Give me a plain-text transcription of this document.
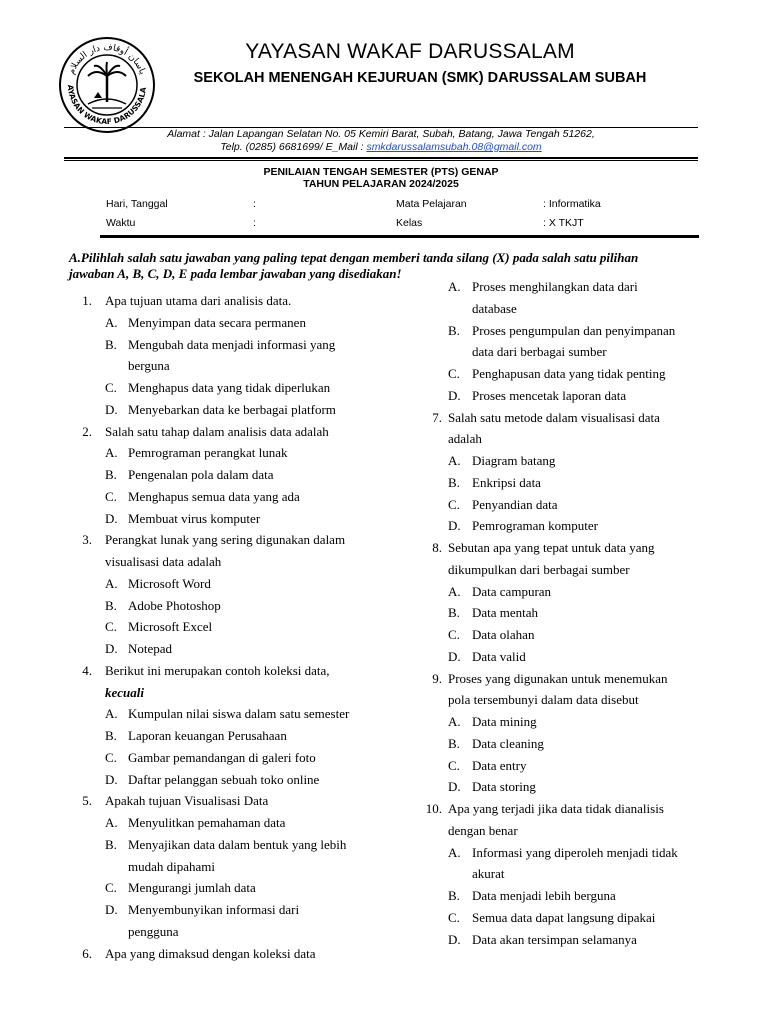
AYASAN WAKAF DARUSSALA
ﻳﺎﺳﺎﻥ ﺃﻭﻗﺎﻑ ﺩﺍﺭ ﺍﻟﺴﻼﻡ
YAYASAN WAKAF DARUSSALAM
SEKOLAH MENENGAH KEJURUAN (SMK) DARUSSALAM SUBAH
Alamat : Jalan Lapangan Selatan No. 05 Kemiri Barat, Subah, Batang, Jawa Tengah 51262,
Telp. (0285) 6681699/ E_Mail : smkdarussalamsubah.08@gmail.com
PENILAIAN TENGAH SEMESTER (PTS) GENAP
TAHUN PELAJARAN 2024/2025
Hari, Tanggal	:	Mata Pelajaran	: Informatika
Waktu	:	Kelas	: X TKJT
A.Pilihlah salah satu jawaban yang paling tepat dengan memberi tanda silang (X) pada salah satu pilihan
jawaban A, B, C, D, E pada lembar jawaban yang disediakan!
1. Apa tujuan utama dari analisis data.
A. Menyimpan data secara permanen
B. Mengubah data menjadi informasi yang
berguna
C. Menghapus data yang tidak diperlukan
D. Menyebarkan data ke berbagai platform
2. Salah satu tahap dalam analisis data adalah
A. Pemrograman perangkat lunak
B. Pengenalan pola dalam data
C. Menghapus semua data yang ada
D. Membuat virus komputer
3. Perangkat lunak yang sering digunakan dalam
visualisasi data adalah
A. Microsoft Word
B. Adobe Photoshop
C. Microsoft Excel
D. Notepad
4. Berikut ini merupakan contoh koleksi data,
kecuali
A. Kumpulan nilai siswa dalam satu semester
B. Laporan keuangan Perusahaan
C. Gambar pemandangan di galeri foto
D. Daftar pelanggan sebuah toko online
5. Apakah tujuan Visualisasi Data
A. Menyulitkan pemahaman data
B. Menyajikan data dalam bentuk yang lebih
mudah dipahami
C. Mengurangi jumlah data
D. Menyembunyikan informasi dari
pengguna
6. Apa yang dimaksud dengan koleksi data
A. Proses menghilangkan data dari
database
B. Proses pengumpulan dan penyimpanan
data dari berbagai sumber
C. Penghapusan data yang tidak penting
D. Proses mencetak laporan data
7. Salah satu metode dalam visualisasi data
adalah
A. Diagram batang
B. Enkripsi data
C. Penyandian data
D. Pemrograman komputer
8. Sebutan apa yang tepat untuk data yang
dikumpulkan dari berbagai sumber
A. Data campuran
B. Data mentah
C. Data olahan
D. Data valid
9. Proses yang digunakan untuk menemukan
pola tersembunyi dalam data disebut
A. Data mining
B. Data cleaning
C. Data entry
D. Data storing
10. Apa yang terjadi jika data tidak dianalisis
dengan benar
A. Informasi yang diperoleh menjadi tidak
akurat
B. Data menjadi lebih berguna
C. Semua data dapat langsung dipakai
D. Data akan tersimpan selamanya
